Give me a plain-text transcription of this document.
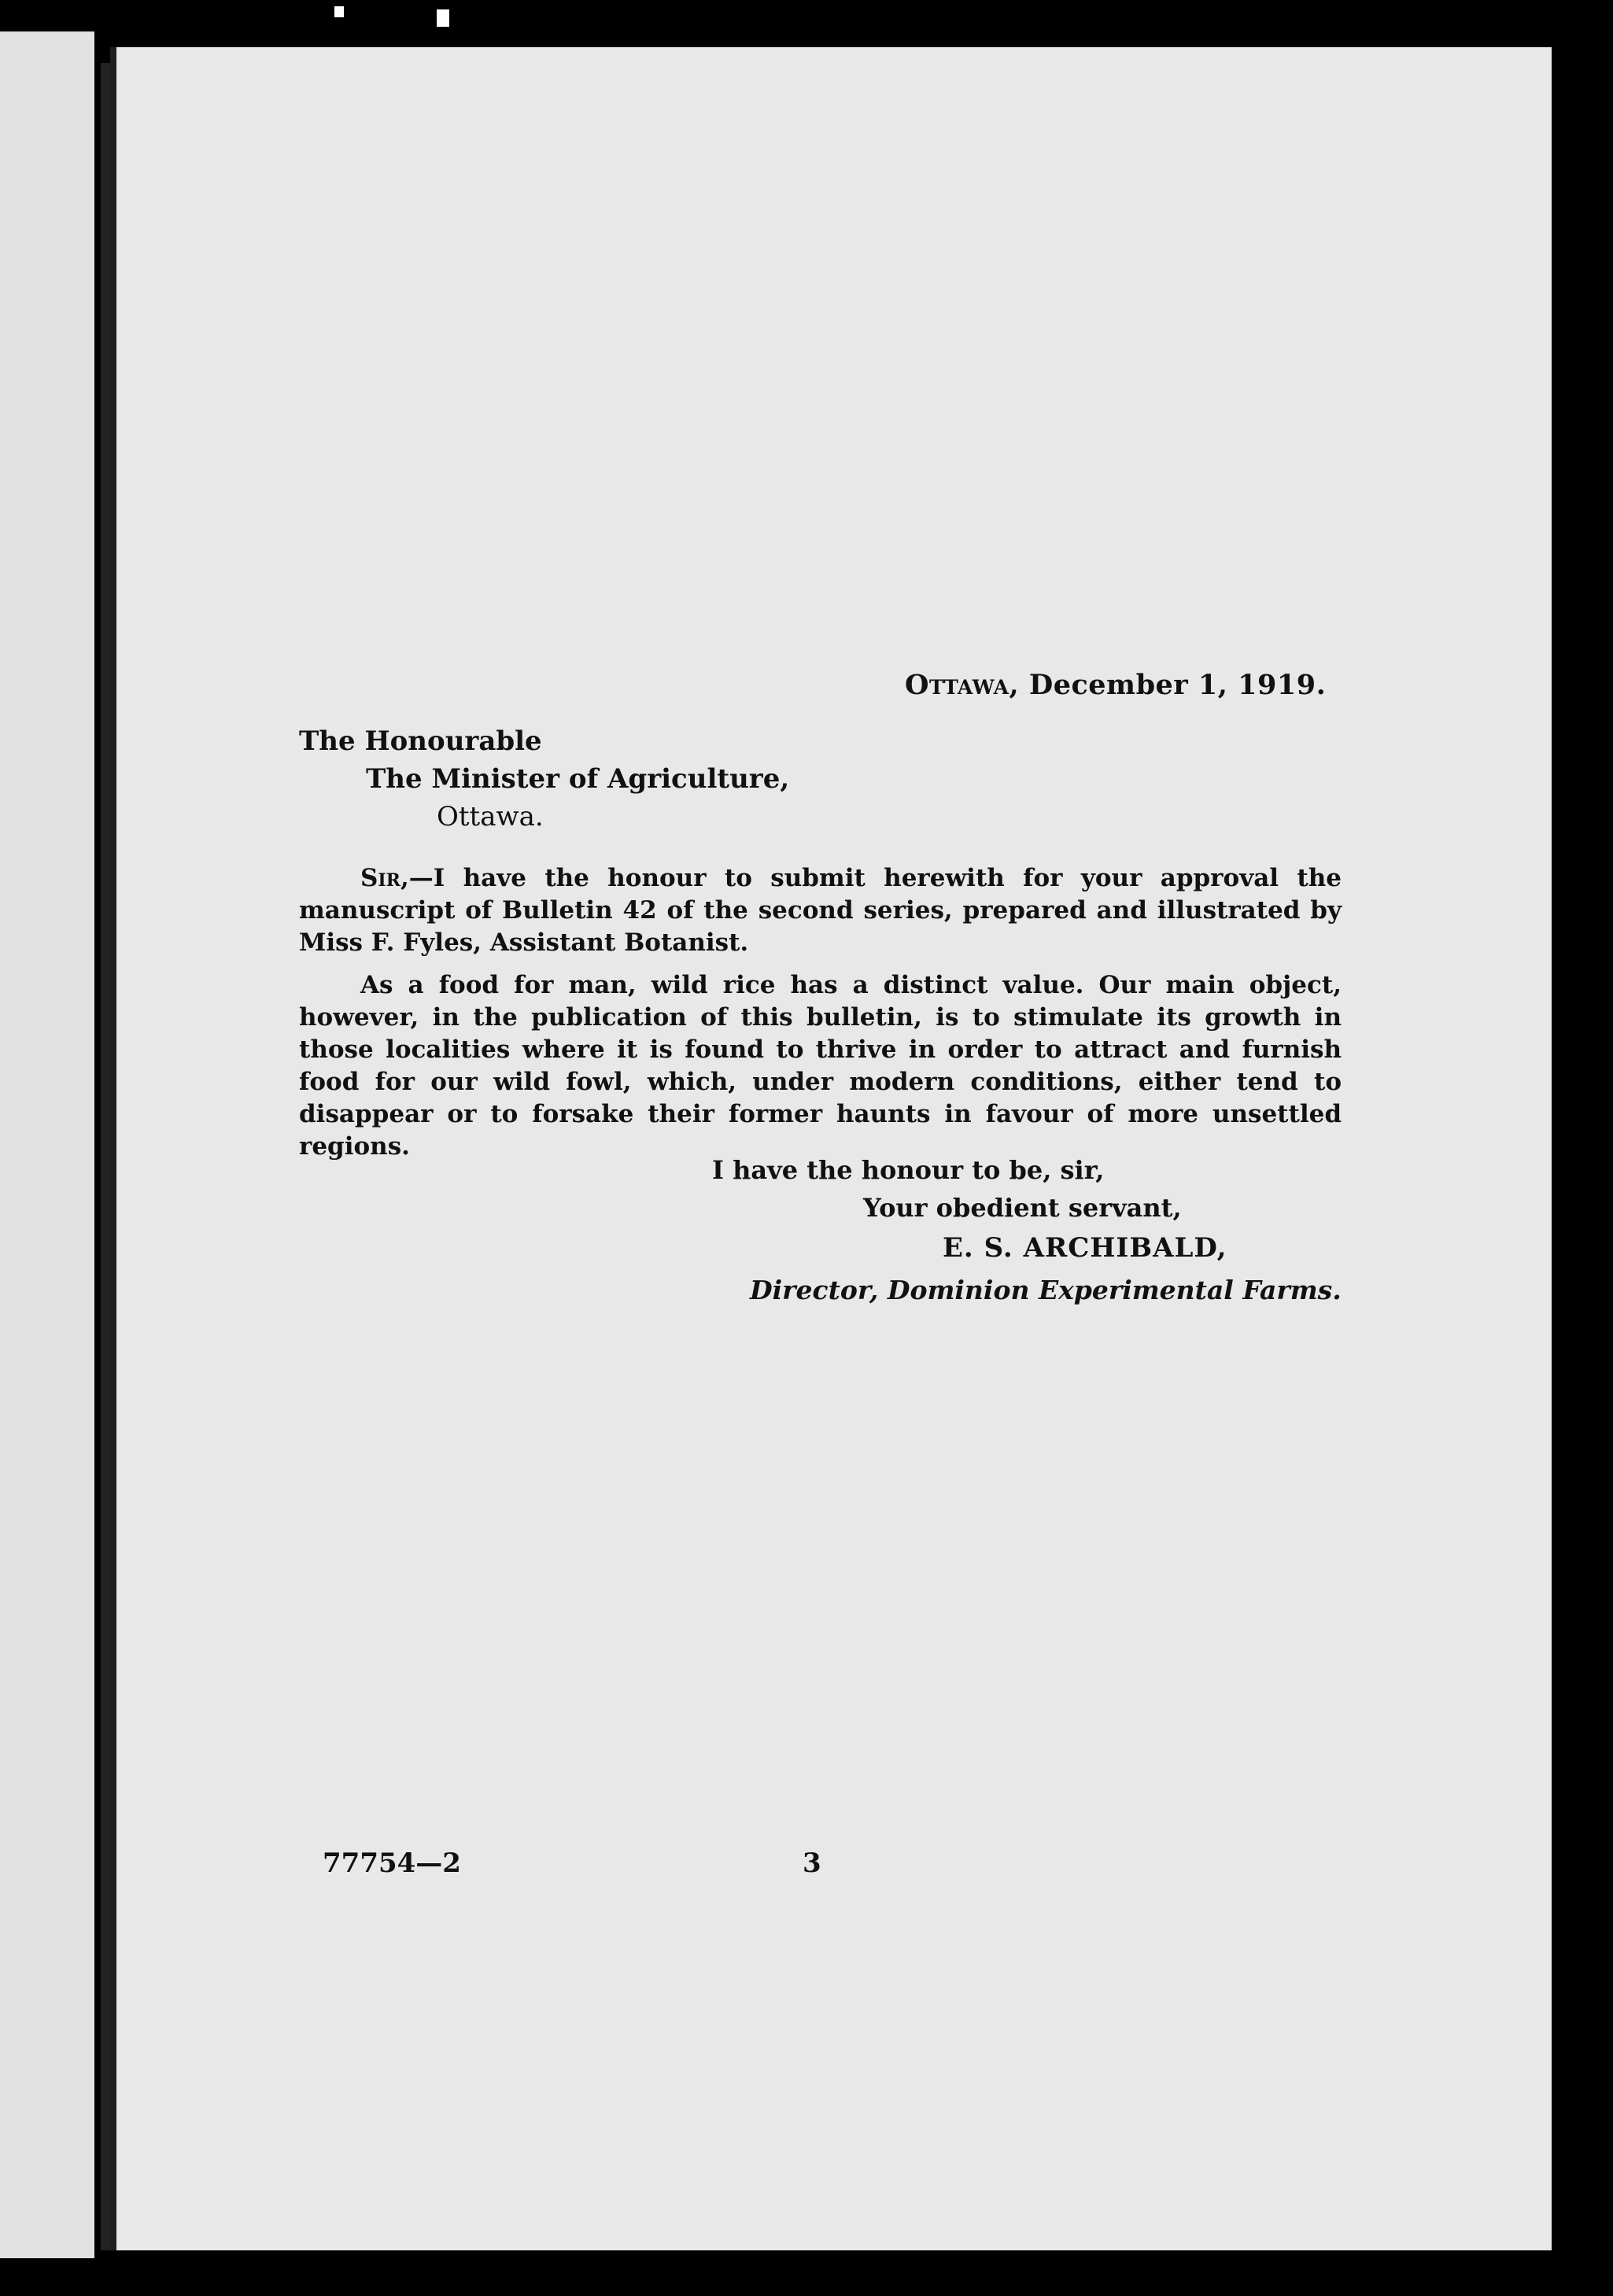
Ottawa, December 1, 1919.
The Honourable
The Minister of Agriculture,
Ottawa.

Sir,—I have the honour to submit herewith for your approval the manuscript of Bulletin 42 of the second series, prepared and illustrated by Miss F. Fyles, Assistant Botanist.

As a food for man, wild rice has a distinct value. Our main object, however, in the publication of this bulletin, is to stimulate its growth in those localities where it is found to thrive in order to attract and furnish food for our wild fowl, which, under modern conditions, either tend to disappear or to forsake their former haunts in favour of more unsettled regions.

I have the honour to be, sir,
Your obedient servant,
E. S. ARCHIBALD,
Director, Dominion Experimental Farms.
77754—2	3
